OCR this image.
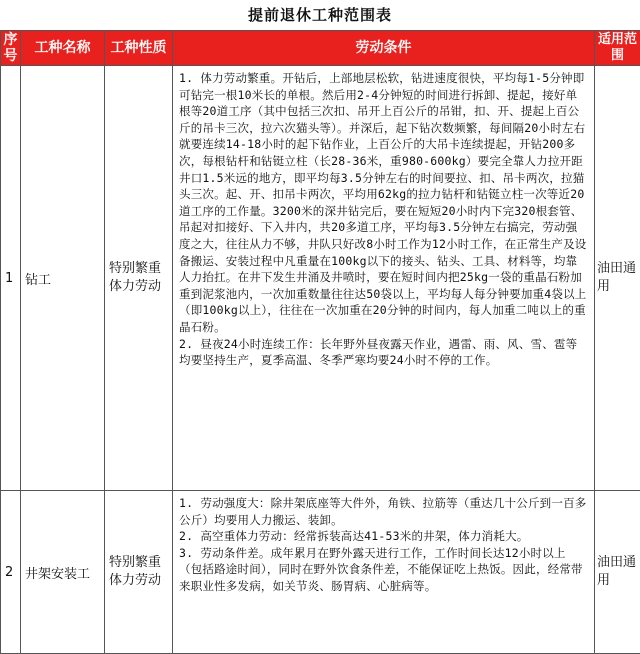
提前退休工种范围表
序号	工种名称	工种性质	劳动条件	适用范围
1	钻工	特别繁重体力劳动	1. 体力劳动繁重。开钻后，上部地层松软，钻进速度很快，平均每1-5分钟即可钻完一根10米长的单根。然后用2-4分钟短的时间进行拆卸、提起，接好单根等20道工序（其中包括三次扣、吊开上百公斤的吊钳，扣、开、提起上百公斤的吊卡三次，拉六次猫头等）。并深后，起下钻次数频繁，每间隔20小时左右就要连续14-18小时的起下钻作业，上百公斤的大吊卡连续提起，开钻200多次，每根钻杆和钻铤立柱（长28-36米，重980-600kg）要完全靠人力拉开距井口1.5米远的地方，即平均每3.5分钟左右的时间要拉、扣、吊卡两次，拉猫头三次。起、开、扣吊卡两次，平均用62kg的拉力钻杆和钻铤立柱一次等近20道工序的工作量。3200米的深井钻完后，要在短短20小时内下完320根套管、吊起对扣接好、下入井内，共20多道工序，平均每3.5分钟左右搞完，劳动强度之大，往往从力不够，井队只好改8小时工作为12小时工作，在正常生产及设备搬运、安装过程中凡重量在100kg以下的接头、钻头、工具、材料等，均靠人力抬扛。在井下发生井涌及井喷时，要在短时间内把25kg一袋的重晶石粉加重到泥浆池内，一次加重数量往往达50袋以上，平均每人每分钟要加重4袋以上（即100kg以上），往往在一次加重在20分钟的时间内，每人加重二吨以上的重晶石粉。

2. 昼夜24小时连续工作：长年野外昼夜露天作业，遇雷、雨、风、雪、雹等均要坚持生产，夏季高温、冬季严寒均要24小时不停的工作。	油田通用
2	井架安装工	特别繁重体力劳动	1. 劳动强度大：除井架底座等大件外，角铁、拉筋等（重达几十公斤到一百多公斤）均要用人力搬运、装卸。

2. 高空重体力劳动：经常拆装高达41-53米的井架，体力消耗大。

3. 劳动条件差。成年累月在野外露天进行工作，工作时间长达12小时以上（包括路途时间），同时在野外饮食条件差，不能保证吃上热饭。因此，经常带来职业性多发病，如关节炎、肠胃病、心脏病等。	油田通用
